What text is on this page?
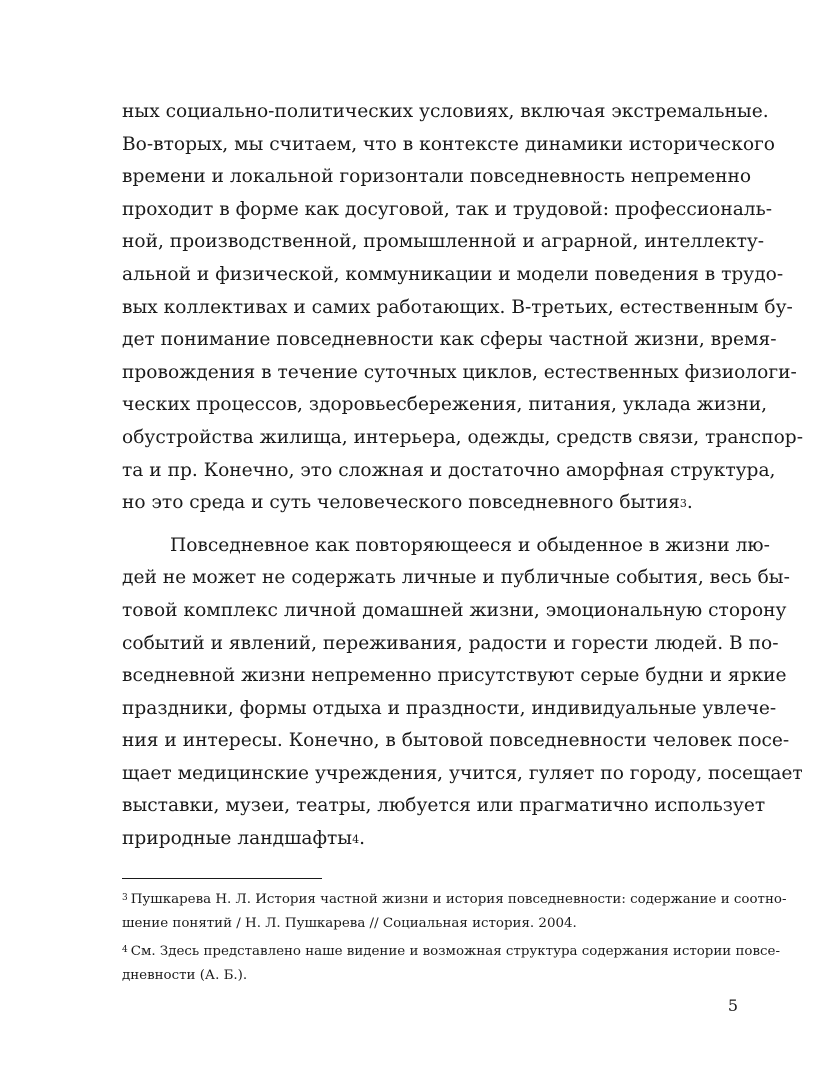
ных социально-политических условиях, включая экстремальные.
Во-вторых, мы считаем, что в контексте динамики исторического
времени и локальной горизонтали повседневность непременно
проходит в форме как досуговой, так и трудовой: профессиональ-
ной, производственной, промышленной и аграрной, интеллекту-
альной и физической, коммуникации и модели поведения в трудо-
вых коллективах и самих работающих. В-третьих, естественным бу-
дет понимание повседневности как сферы частной жизни, время-
провождения в течение суточных циклов, естественных физиологи-
ческих процессов, здоровьесбережения, питания, уклада жизни,
обустройства жилища, интерьера, одежды, средств связи, транспор-
та и пр. Конечно, это сложная и достаточно аморфная структура,
но это среда и суть человеческого повседневного бытия$^3$.
Повседневное как повторяющееся и обыденное в жизни лю-
дей не может не содержать личные и публичные события, весь бы-
товой комплекс личной домашней жизни, эмоциональную сторону
событий и явлений, переживания, радости и горести людей. В по-
вседневной жизни непременно присутствуют серые будни и яркие
праздники, формы отдыха и праздности, индивидуальные увлече-
ния и интересы. Конечно, в бытовой повседневности человек посе-
щает медицинские учреждения, учится, гуляет по городу, посещает
выставки, музеи, театры, любуется или прагматично использует
природные ландшафты$^4$.
$^3$ Пушкарева Н. Л. История частной жизни и история повседневности: содержание и соотно-
шение понятий / Н. Л. Пушкарева // Социальная история. 2004.
$^4$ См. Здесь представлено наше видение и возможная структура содержания истории повсе-
дневности (А. Б.).
5
